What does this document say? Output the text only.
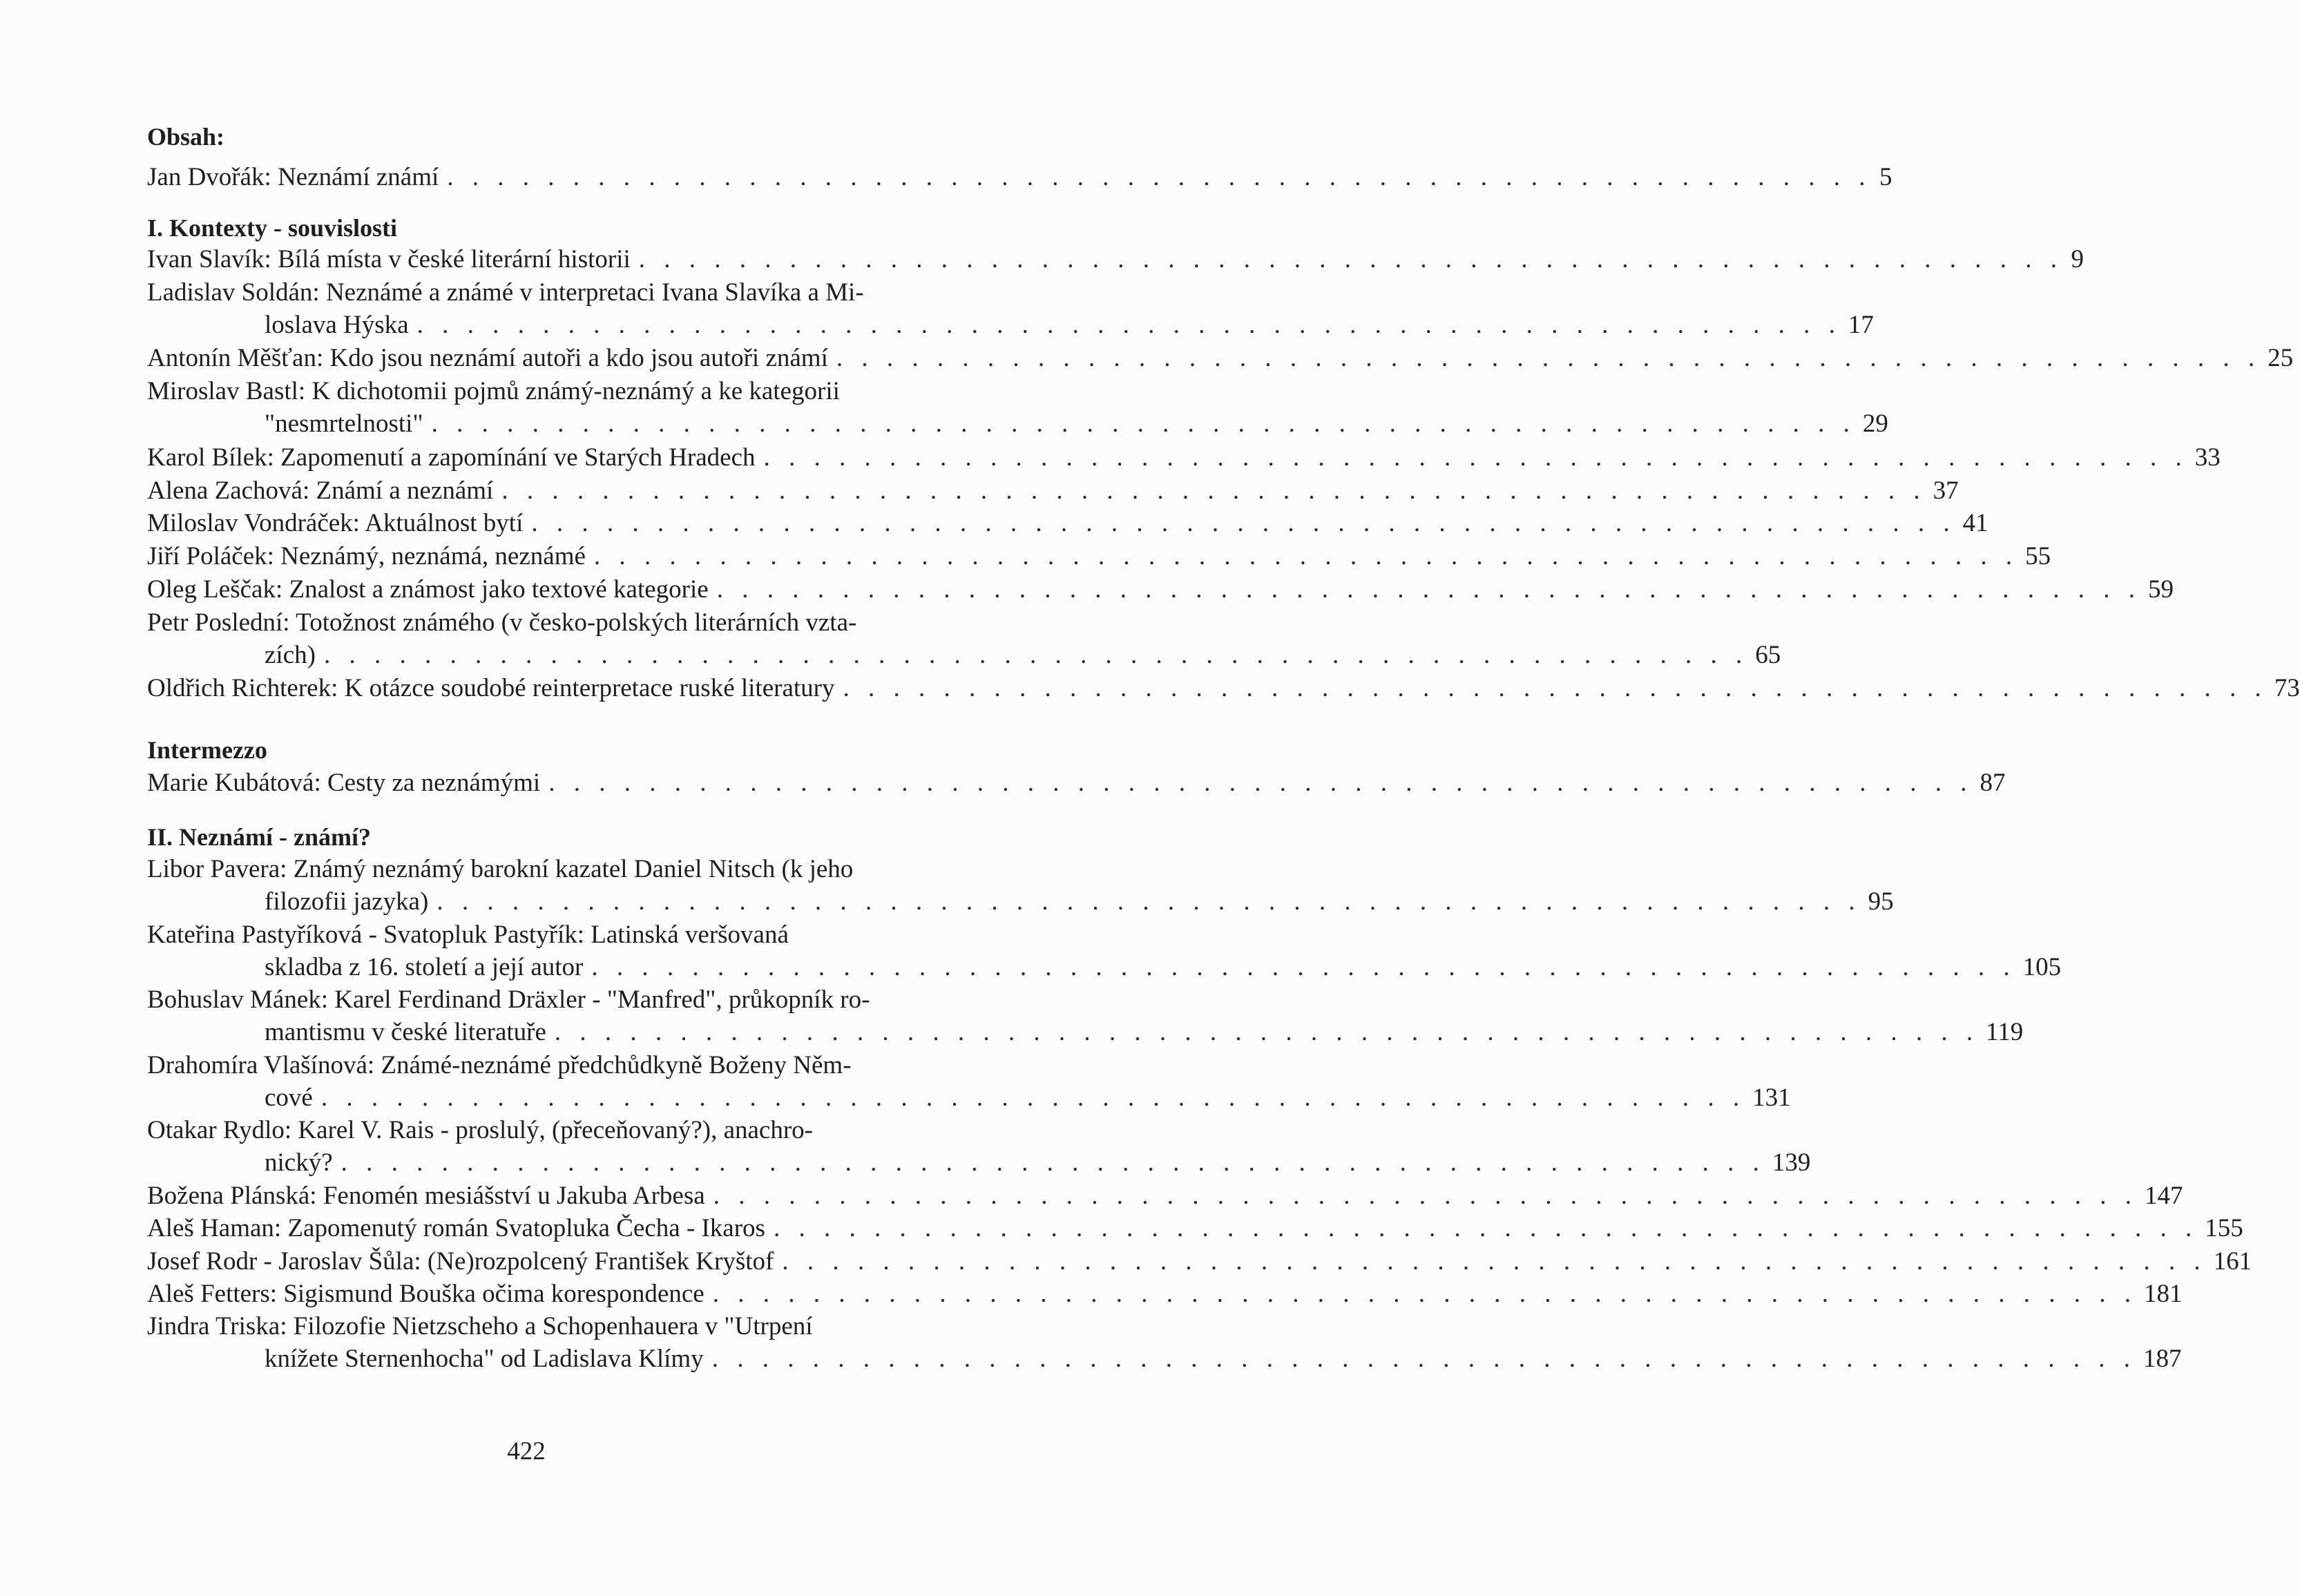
Obsah:
Jan Dvořák: Neznámí známí . . . . . . . . . . . . . . . . . . . . . . . . . . . . . . . . . . . . . . . . . . . . . . . . . . . . . . . . . 5
I. Kontexty - souvislosti
Ivan Slavík: Bílá místa v české literární historii . . . . . . . . . . . . . . . . . . . . . . . . . . . . . . . . . . . . . . . . . . . . . . . . . . . . . . . . . 9
Ladislav Soldán: Neznámé a známé v interpretaci Ivana Slavíka a Mi-
loslava Hýska . . . . . . . . . . . . . . . . . . . . . . . . . . . . . . . . . . . . . . . . . . . . . . . . . . . . . . . . . 17
Antonín Měšťan: Kdo jsou neznámí autoři a kdo jsou autoři známí . . . . . . . . . . . . . . . . . . . . . . . . . . . . . . . . . . . . . . . . . . . . . . . . . . . . . . . . . 25
Miroslav Bastl: K dichotomii pojmů známý-neznámý a ke kategorii
"nesmrtelnosti" . . . . . . . . . . . . . . . . . . . . . . . . . . . . . . . . . . . . . . . . . . . . . . . . . . . . . . . . . 29
Karol Bílek: Zapomenutí a zapomínání ve Starých Hradech . . . . . . . . . . . . . . . . . . . . . . . . . . . . . . . . . . . . . . . . . . . . . . . . . . . . . . . . . 33
Alena Zachová: Známí a neznámí . . . . . . . . . . . . . . . . . . . . . . . . . . . . . . . . . . . . . . . . . . . . . . . . . . . . . . . . . 37
Miloslav Vondráček: Aktuálnost bytí . . . . . . . . . . . . . . . . . . . . . . . . . . . . . . . . . . . . . . . . . . . . . . . . . . . . . . . . . 41
Jiří Poláček: Neznámý, neznámá, neznámé . . . . . . . . . . . . . . . . . . . . . . . . . . . . . . . . . . . . . . . . . . . . . . . . . . . . . . . . . 55
Oleg Leščak: Znalost a známost jako textové kategorie . . . . . . . . . . . . . . . . . . . . . . . . . . . . . . . . . . . . . . . . . . . . . . . . . . . . . . . . . 59
Petr Poslední: Totožnost známého (v česko-polských literárních vzta-
zích) . . . . . . . . . . . . . . . . . . . . . . . . . . . . . . . . . . . . . . . . . . . . . . . . . . . . . . . . . 65
Oldřich Richterek: K otázce soudobé reinterpretace ruské literatury . . . . . . . . . . . . . . . . . . . . . . . . . . . . . . . . . . . . . . . . . . . . . . . . . . . . . . . . . 73
Intermezzo
Marie Kubátová: Cesty za neznámými . . . . . . . . . . . . . . . . . . . . . . . . . . . . . . . . . . . . . . . . . . . . . . . . . . . . . . . . . 87
II. Neznámí - známí?
Libor Pavera: Známý neznámý barokní kazatel Daniel Nitsch (k jeho
filozofii jazyka) . . . . . . . . . . . . . . . . . . . . . . . . . . . . . . . . . . . . . . . . . . . . . . . . . . . . . . . . . 95
Kateřina Pastyříková - Svatopluk Pastyřík: Latinská veršovaná
skladba z 16. století a její autor . . . . . . . . . . . . . . . . . . . . . . . . . . . . . . . . . . . . . . . . . . . . . . . . . . . . . . . . . 105
Bohuslav Mánek: Karel Ferdinand Dräxler - "Manfred", průkopník ro-
mantismu v české literatuře . . . . . . . . . . . . . . . . . . . . . . . . . . . . . . . . . . . . . . . . . . . . . . . . . . . . . . . . . 119
Drahomíra Vlašínová: Známé-neznámé předchůdkyně Boženy Něm-
cové . . . . . . . . . . . . . . . . . . . . . . . . . . . . . . . . . . . . . . . . . . . . . . . . . . . . . . . . . 131
Otakar Rydlo: Karel V. Rais - proslulý, (přeceňovaný?), anachro-
nický? . . . . . . . . . . . . . . . . . . . . . . . . . . . . . . . . . . . . . . . . . . . . . . . . . . . . . . . . . 139
Božena Plánská: Fenomén mesiášství u Jakuba Arbesa . . . . . . . . . . . . . . . . . . . . . . . . . . . . . . . . . . . . . . . . . . . . . . . . . . . . . . . . . 147
Aleš Haman: Zapomenutý román Svatopluka Čecha - Ikaros . . . . . . . . . . . . . . . . . . . . . . . . . . . . . . . . . . . . . . . . . . . . . . . . . . . . . . . . . 155
Josef Rodr - Jaroslav Šůla: (Ne)rozpolcený František Kryštof . . . . . . . . . . . . . . . . . . . . . . . . . . . . . . . . . . . . . . . . . . . . . . . . . . . . . . . . . 161
Aleš Fetters: Sigismund Bouška očima korespondence . . . . . . . . . . . . . . . . . . . . . . . . . . . . . . . . . . . . . . . . . . . . . . . . . . . . . . . . . 181
Jindra Triska: Filozofie Nietzscheho a Schopenhauera v "Utrpení
knížete Sternenhocha" od Ladislava Klímy . . . . . . . . . . . . . . . . . . . . . . . . . . . . . . . . . . . . . . . . . . . . . . . . . . . . . . . . . 187
422
